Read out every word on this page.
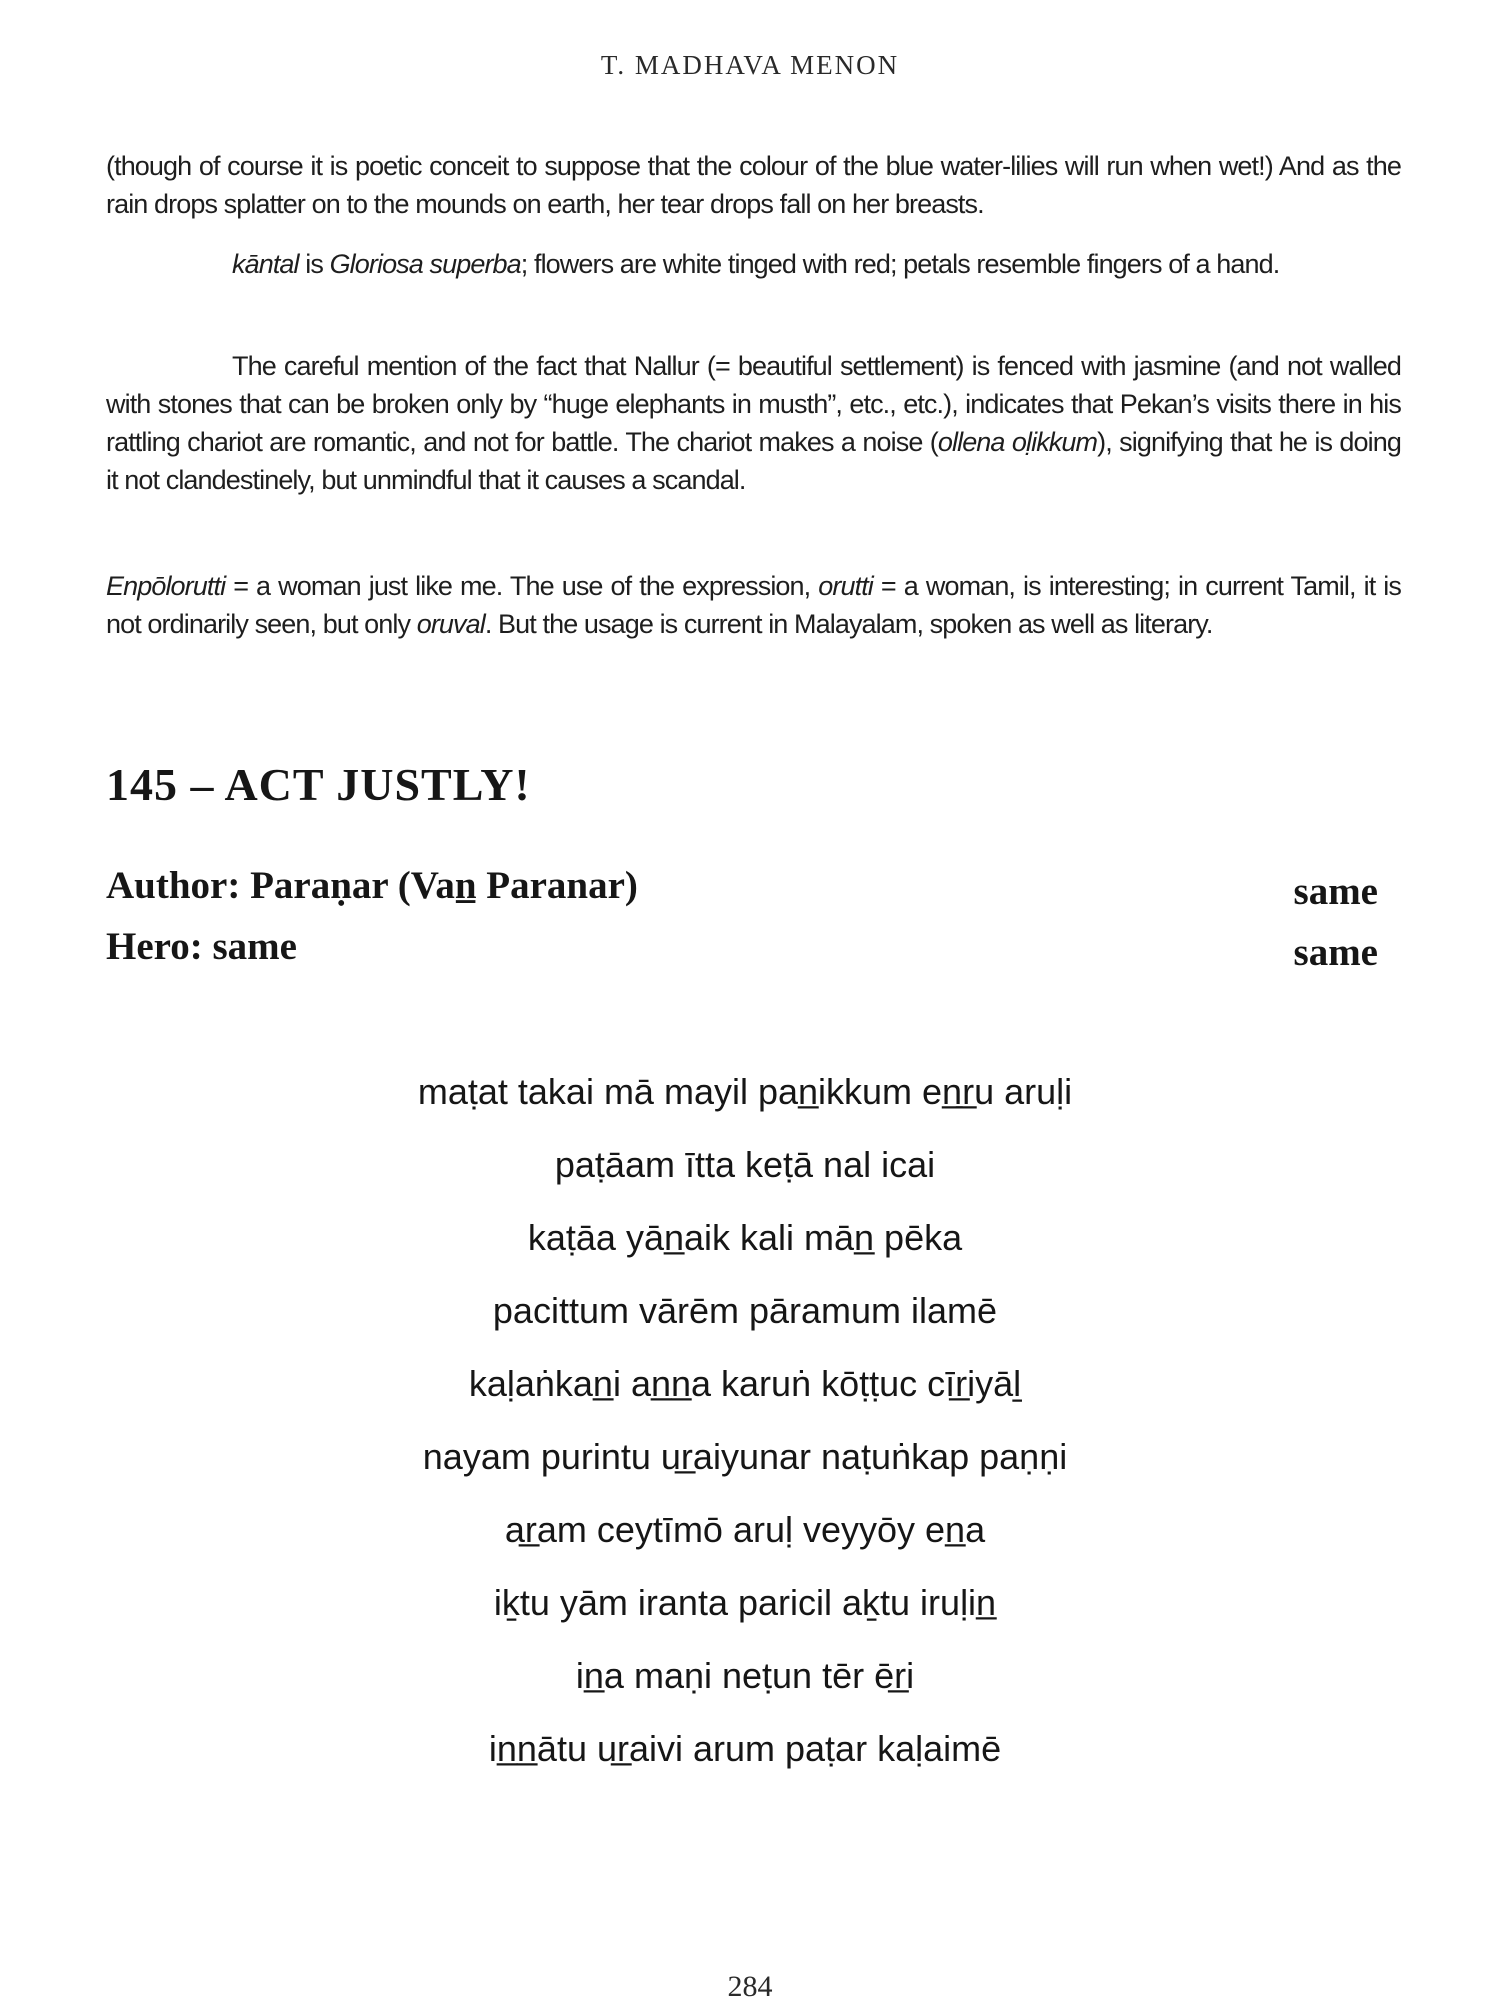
T. MADHAVA MENON

(though of course it is poetic conceit to suppose that the colour of the blue water-lilies will run when wet!) And as the rain drops splatter on to the mounds on earth, her tear drops fall on her breasts.

kāntal is Gloriosa superba; flowers are white tinged with red; petals resemble fingers of a hand.

The careful mention of the fact that Nallur (= beautiful settlement) is fenced with jasmine (and not walled with stones that can be broken only by “huge elephants in musth”, etc., etc.), indicates that Pekan’s visits there in his rattling chariot are romantic, and not for battle. The chariot makes a noise (ollena oḷikkum), signifying that he is doing it not clandestinely, but unmindful that it causes a scandal.

Enpōlorutti = a woman just like me. The use of the expression, orutti = a woman, is interesting; in current Tamil, it is not ordinarily seen, but only oruval. But the usage is current in Malayalam, spoken as well as literary.

145 – ACT JUSTLY!
Author: Paraṇar (Van̲ Paranar)	same
Hero: same	same
maṭat takai mā mayil pan̲ikkum en̲r̲u aruḷi
paṭāam ītta keṭā nal icai
kaṭāa yān̲aik kali mān̲ pēka
pacittum vārēm pāramum ilamē
kaḷaṅkan̲i an̲n̲a karuṅ kōṭṭuc cīr̲iyāḻ
nayam purintu ur̲aiyunar naṭuṅkap paṇṇi
ar̲am ceytīmō aruḷ veyyōy en̲a
iḵtu yām iranta paricil aḵtu iruḷin̲
in̲a maṇi neṭun tēr ēr̲i
in̲n̲ātu ur̲aivi arum paṭar kaḷaimē
284
